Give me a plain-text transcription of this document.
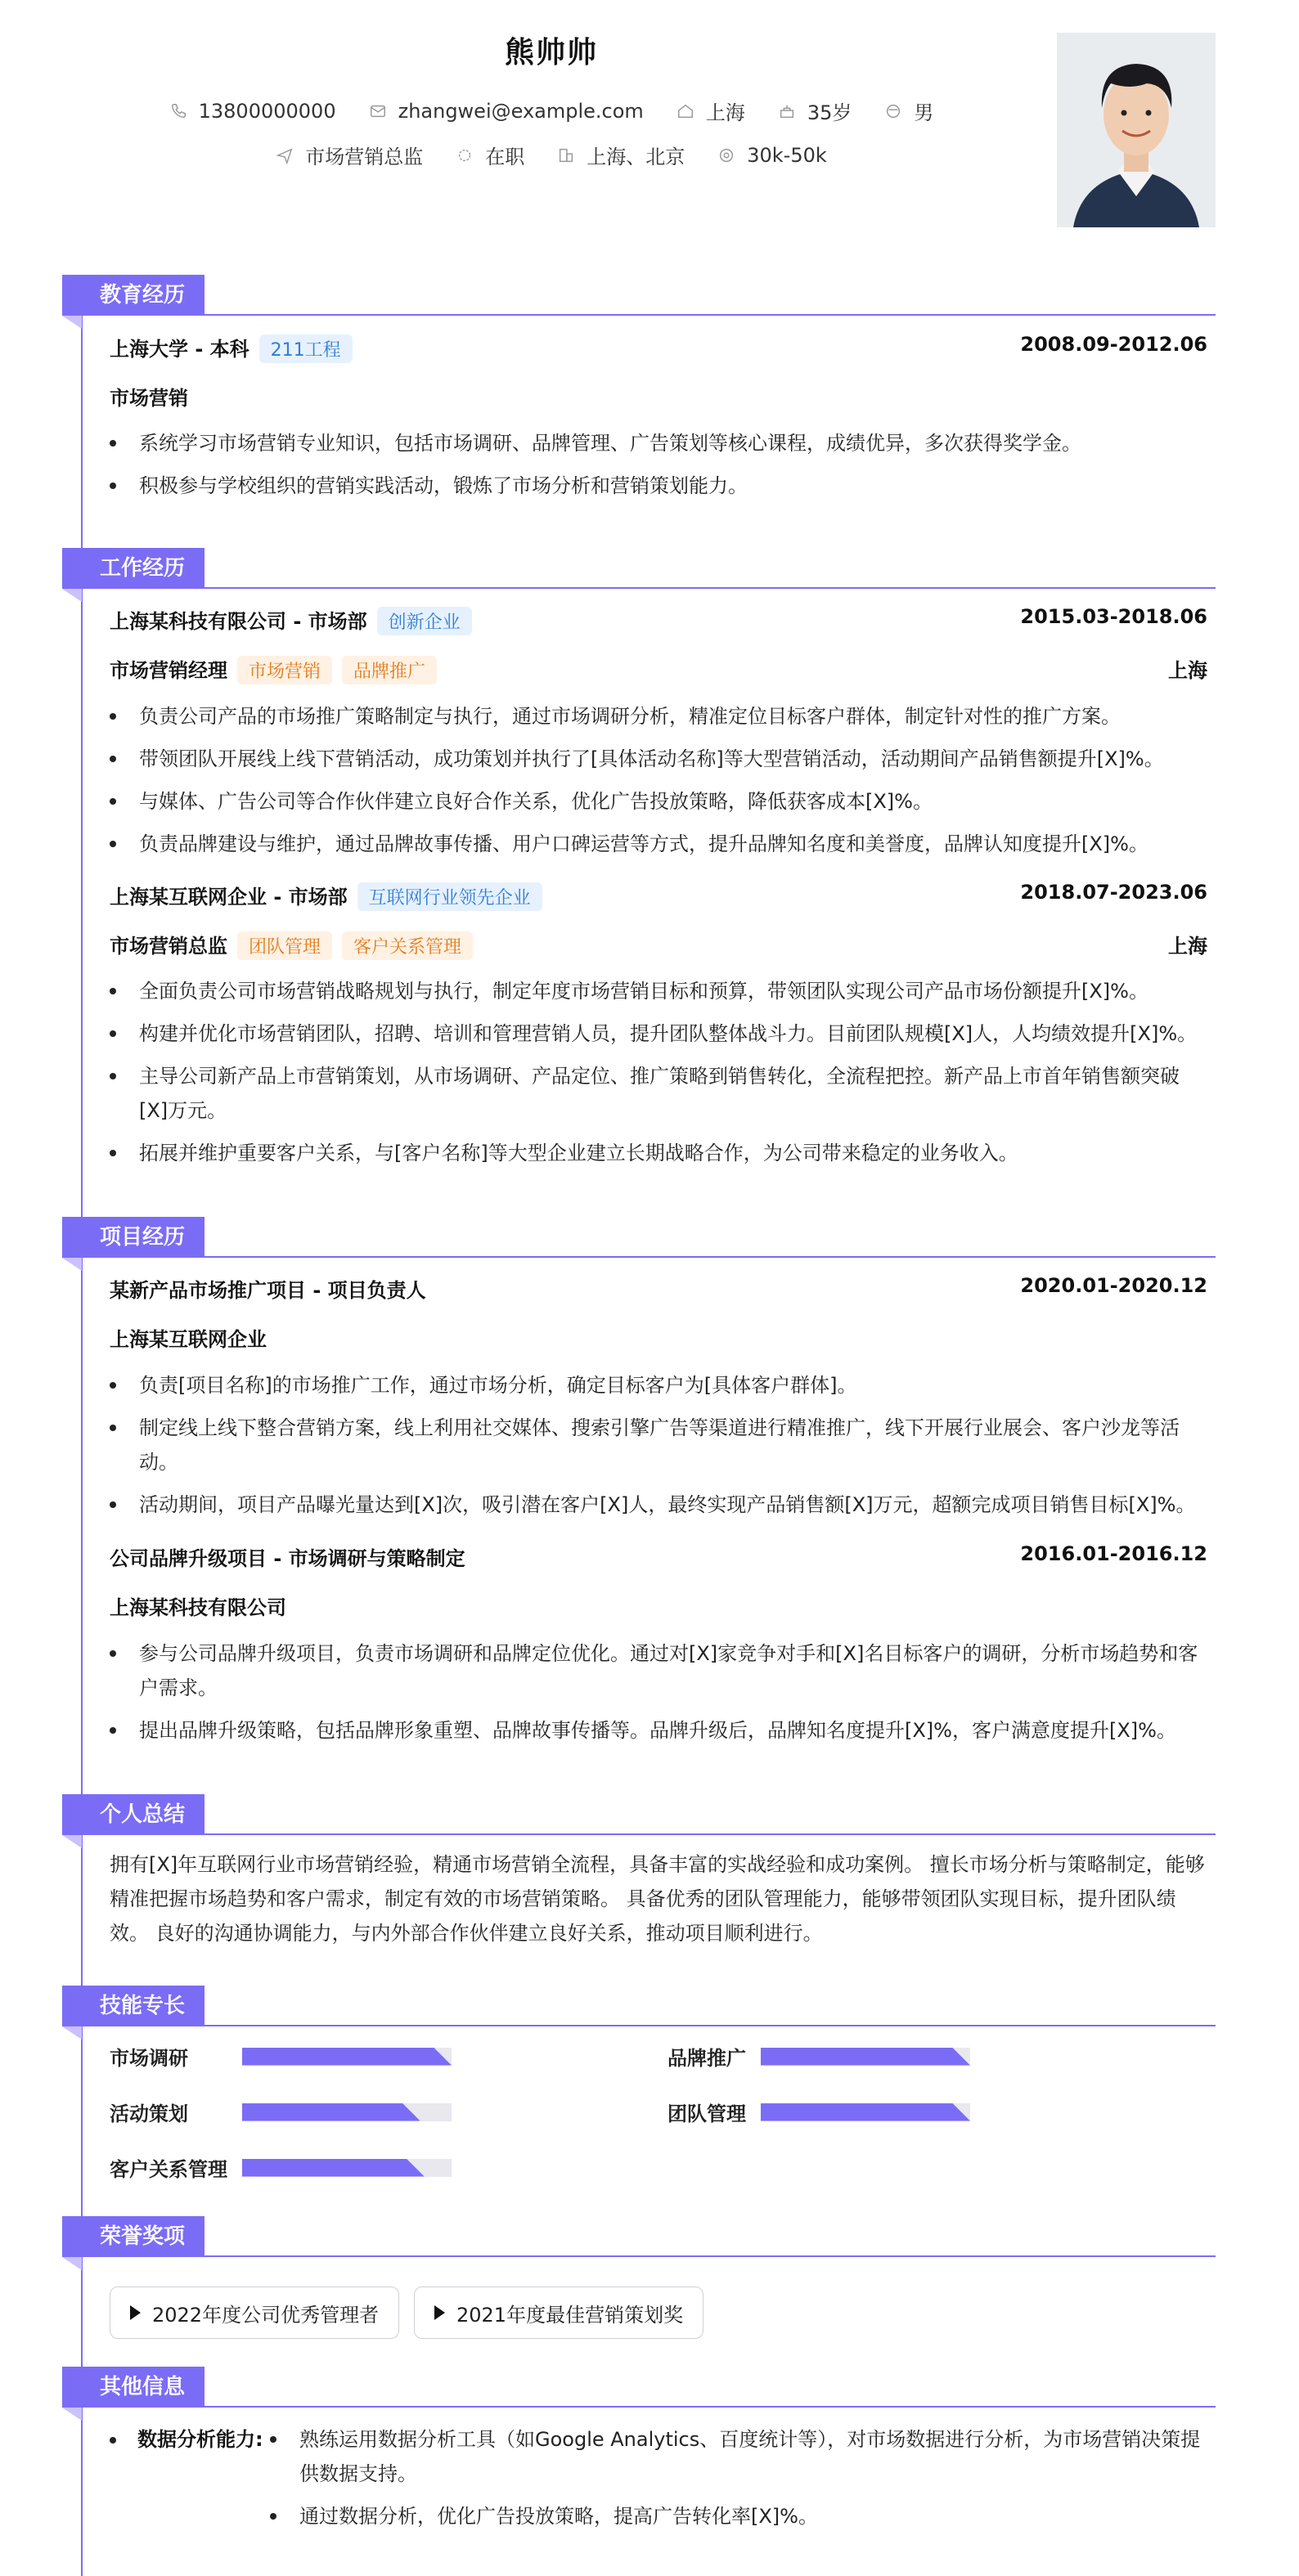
熊帅帅
13800000000	zhangwei@example.com	上海	35岁	男
市场营销总监	在职	上海、北京	30k-50k
教育经历
上海大学 - 本科 211工程	2008.09-2012.06
市场营销
系统学习市场营销专业知识，包括市场调研、品牌管理、广告策划等核心课程，成绩优异，多次获得奖学金。
积极参与学校组织的营销实践活动，锻炼了市场分析和营销策划能力。
工作经历
上海某科技有限公司 - 市场部 创新企业	2015.03-2018.06
市场营销经理 市场营销 品牌推广	上海
负责公司产品的市场推广策略制定与执行，通过市场调研分析，精准定位目标客户群体，制定针对性的推广方案。
带领团队开展线上线下营销活动，成功策划并执行了[具体活动名称]等大型营销活动，活动期间产品销售额提升[X]%。
与媒体、广告公司等合作伙伴建立良好合作关系，优化广告投放策略，降低获客成本[X]%。
负责品牌建设与维护，通过品牌故事传播、用户口碑运营等方式，提升品牌知名度和美誉度，品牌认知度提升[X]%。
上海某互联网企业 - 市场部 互联网行业领先企业	2018.07-2023.06
市场营销总监 团队管理 客户关系管理	上海
全面负责公司市场营销战略规划与执行，制定年度市场营销目标和预算，带领团队实现公司产品市场份额提升[X]%。
构建并优化市场营销团队，招聘、培训和管理营销人员，提升团队整体战斗力。目前团队规模[X]人，人均绩效提升[X]%。
主导公司新产品上市营销策划，从市场调研、产品定位、推广策略到销售转化，全流程把控。新产品上市首年销售额突破[X]万元。
拓展并维护重要客户关系，与[客户名称]等大型企业建立长期战略合作，为公司带来稳定的业务收入。
项目经历
某新产品市场推广项目 - 项目负责人	2020.01-2020.12
上海某互联网企业
负责[项目名称]的市场推广工作，通过市场分析，确定目标客户为[具体客户群体]。
制定线上线下整合营销方案，线上利用社交媒体、搜索引擎广告等渠道进行精准推广，线下开展行业展会、客户沙龙等活动。
活动期间，项目产品曝光量达到[X]次，吸引潜在客户[X]人，最终实现产品销售额[X]万元，超额完成项目销售目标[X]%。
公司品牌升级项目 - 市场调研与策略制定	2016.01-2016.12
上海某科技有限公司
参与公司品牌升级项目，负责市场调研和品牌定位优化。通过对[X]家竞争对手和[X]名目标客户的调研，分析市场趋势和客户需求。
提出品牌升级策略，包括品牌形象重塑、品牌故事传播等。品牌升级后，品牌知名度提升[X]%，客户满意度提升[X]%。
个人总结

拥有[X]年互联网行业市场营销经验，精通市场营销全流程，具备丰富的实战经验和成功案例。 擅长市场分析与策略制定，能够精准把握市场趋势和客户需求，制定有效的市场营销策略。 具备优秀的团队管理能力，能够带领团队实现目标，提升团队绩效。 良好的沟通协调能力，与内外部合作伙伴建立良好关系，推动项目顺利进行。

技能专长
市场调研	品牌推广
活动策划	团队管理
客户关系管理
荣誉奖项
2022年度公司优秀管理者	2021年度最佳营销策划奖
其他信息
数据分析能力:	熟练运用数据分析工具（如Google Analytics、百度统计等），对市场数据进行分析，为市场营销决策提供数据支持。
通过数据分析，优化广告投放策略，提高广告转化率[X]%。
